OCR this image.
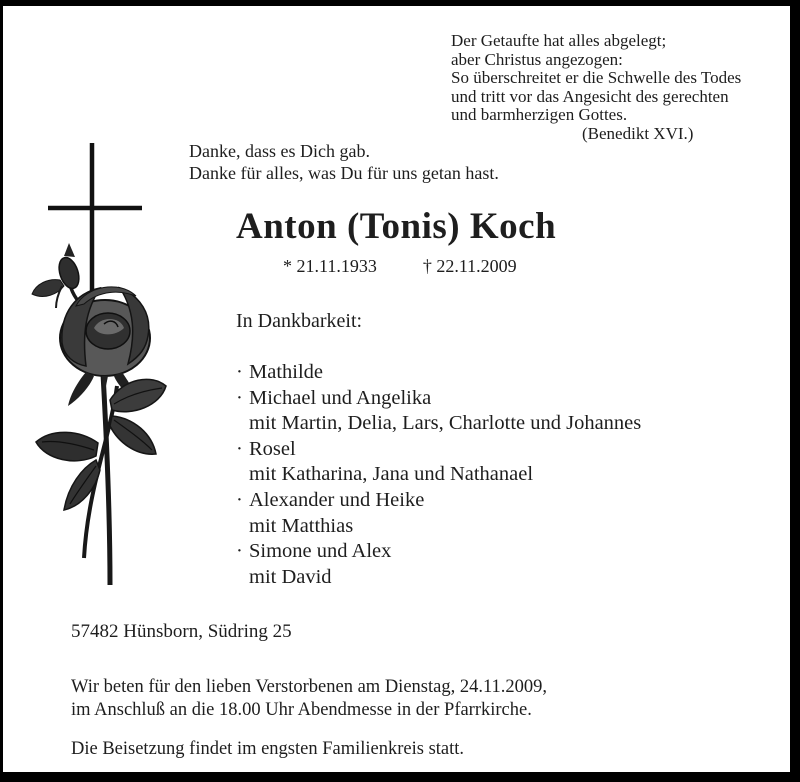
Der Getaufte hat alles abgelegt;
aber Christus angezogen:
So überschreitet er die Schwelle des Todes
und tritt vor das Angesicht des gerechten
und barmherzigen Gottes.
(Benedikt XVI.)
Danke, dass es Dich gab.
Danke für alles, was Du für uns getan hast.
Anton (Tonis) Koch
* 21.11.1933	† 22.11.2009
In Dankbarkeit:
· Mathilde
· Michael und Angelika
mit Martin, Delia, Lars, Charlotte und Johannes
· Rosel
mit Katharina, Jana und Nathanael
· Alexander und Heike
mit Matthias
· Simone und Alex
mit David
57482 Hünsborn, Südring 25
Wir beten für den lieben Verstorbenen am Dienstag, 24.11.2009,
im Anschluß an die 18.00 Uhr Abendmesse in der Pfarrkirche.
Die Beisetzung findet im engsten Familienkreis statt.
